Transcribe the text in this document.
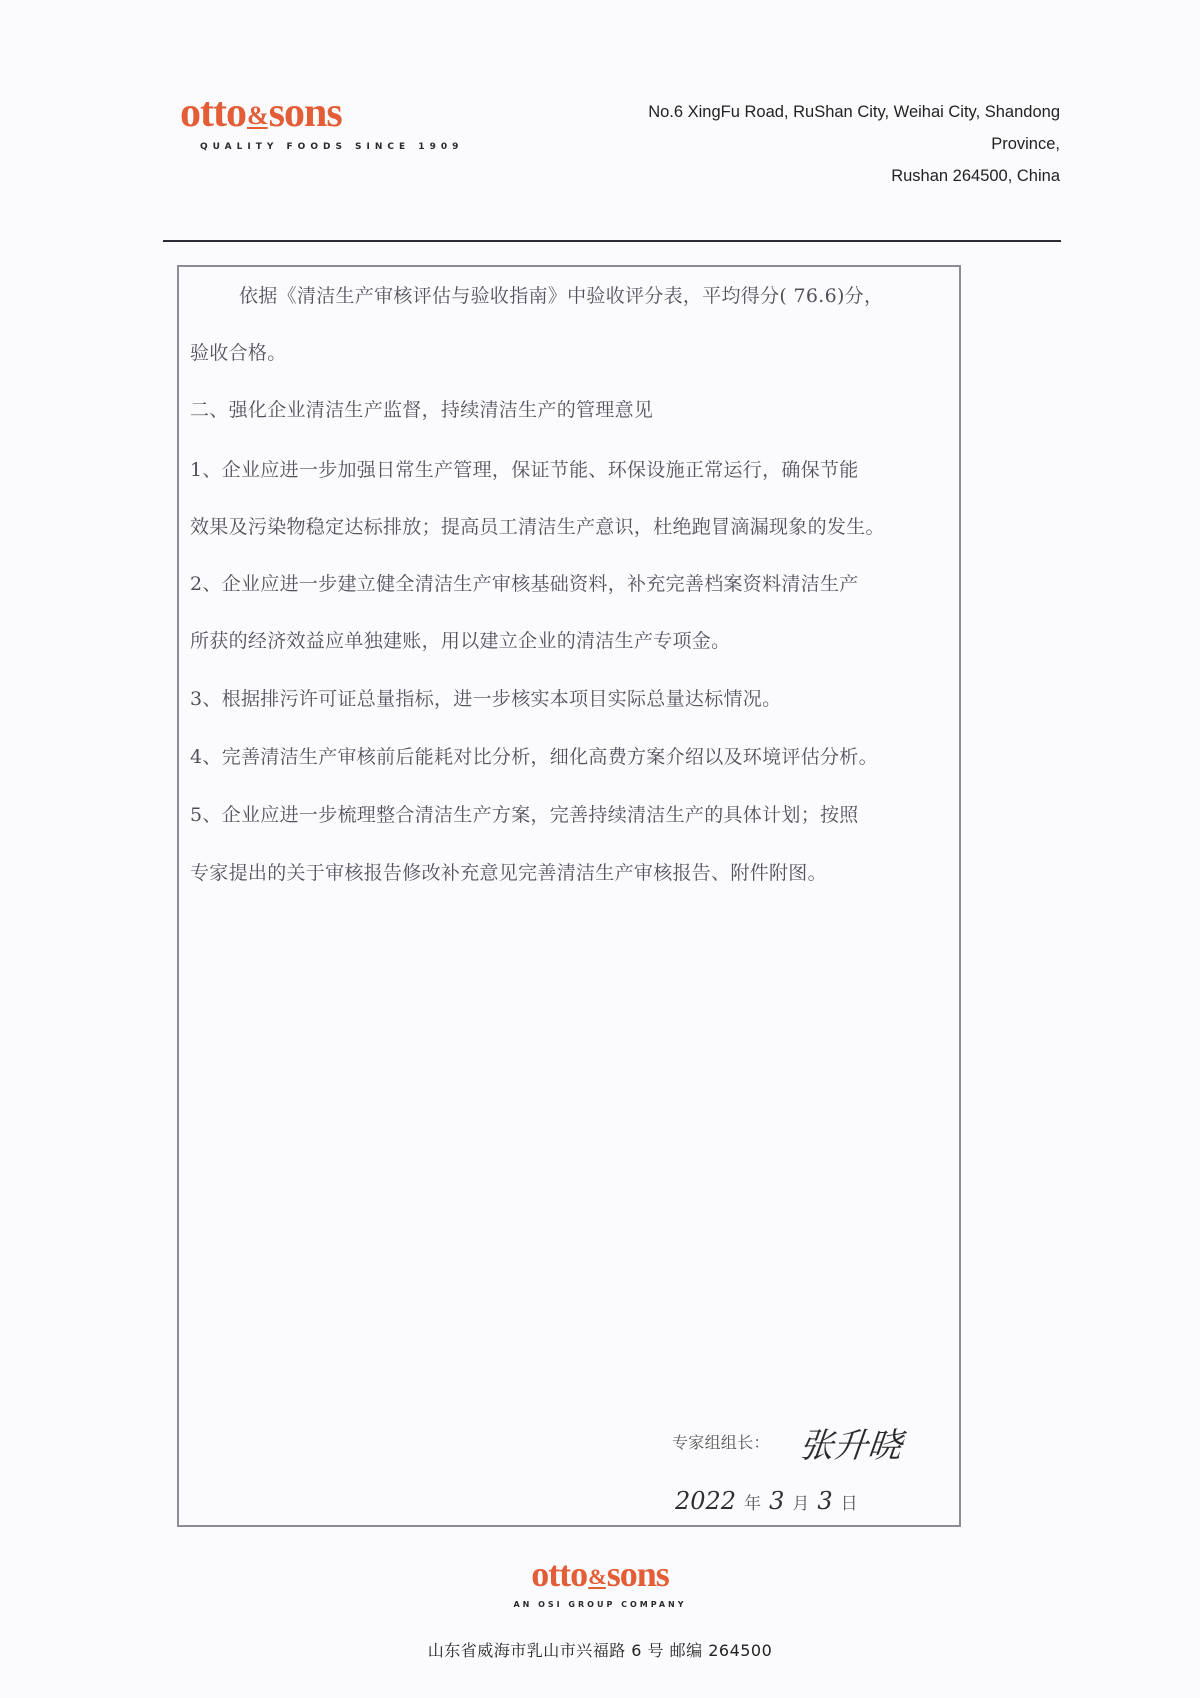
otto&sons
QUALITY FOODS SINCE 1909
No.6 XingFu Road, RuShan City, Weihai City, Shandong
Province,
Rushan 264500, China
依据《清洁生产审核评估与验收指南》中验收评分表，平均得分( 76.6)分，
验收合格。
二、强化企业清洁生产监督，持续清洁生产的管理意见
1、企业应进一步加强日常生产管理，保证节能、环保设施正常运行，确保节能
效果及污染物稳定达标排放；提高员工清洁生产意识，杜绝跑冒滴漏现象的发生。
2、企业应进一步建立健全清洁生产审核基础资料，补充完善档案资料清洁生产
所获的经济效益应单独建账，用以建立企业的清洁生产专项金。
3、根据排污许可证总量指标，进一步核实本项目实际总量达标情况。
4、完善清洁生产审核前后能耗对比分析，细化高费方案介绍以及环境评估分析。
5、企业应进一步梳理整合清洁生产方案，完善持续清洁生产的具体计划；按照
专家提出的关于审核报告修改补充意见完善清洁生产审核报告、附件附图。
专家组组长： 张升晓
2022 年 3 月 3 日
otto&sons
AN OSI GROUP COMPANY
山东省威海市乳山市兴福路 6 号 邮编 264500
